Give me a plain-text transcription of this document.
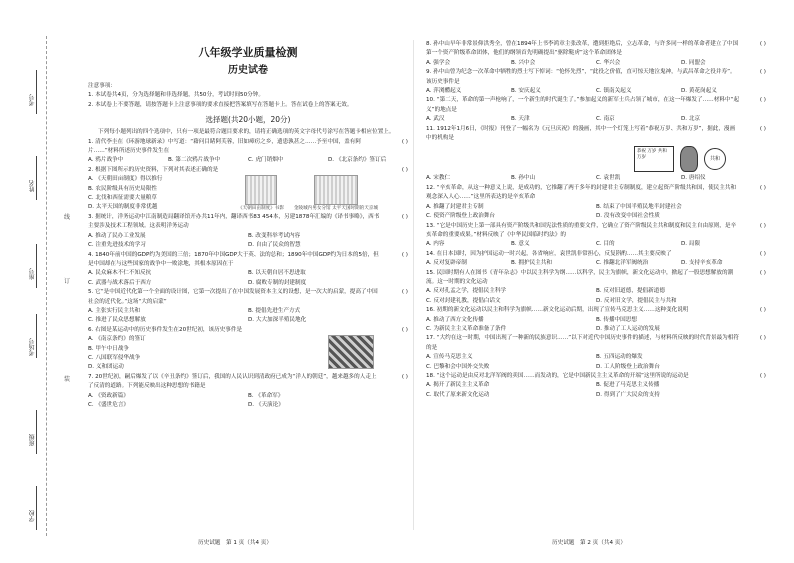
考号
姓名
座号
考场号
班级
学校
线
订
装
八年级学业质量检测
历史试卷
注意事项：
1. 本试卷共4页，分为选择题和非选择题，共50分，考试时间50分钟。
2. 本试卷上不要答题，请按答题卡上注意事项的要求直接把答案填写在答题卡上。答在试卷上的答案无效。
选择题(共20小题，20分)
下列每小题列出的四个选项中，只有一项是最符合题目要求的，请将正确选项的英文字母代号涂写在答题卡相应位置上。
1. 清代李圭在《环游地球新录》中写道：“藉问目睹阿芙蓉，旧如瘴疠之乡，遗患孰甚之……予至中国，盖有阿片……”材料所述历史事件发生在
( )
A. 鸦片战争中	B. 第二次鸦片战争中	C. 虎门销烟中	D. 《北京条约》签订后
2. 根据下图所示的历史资料，下列对其表述正确的是	( )
A. 《天朝田亩制度》得以推行
B. 农民阶级具有历史局限性
C. 北伐和西征需要大量粮草
D. 太平天国的制度非常优越	《天朝田亩制度》书影	金陵城内男女分馆 太平天国时期的天京城
3. 据统计，洋务运动中江南制造局翻译馆开办共11年内，翻译西书83 454本，另建1878年汇编的《译书事略》，西书主要涉及技术工程领域。这表明洋务运动
( )
A. 推动了民办工业发展	B. 改变科举考试内容
C. 注重先进技术的学习	D. 自由了民众的智慧
4. 1840年前中国的GDP约为美国的三倍；1870年中国GDP大于英、法的总和；1890年中国GDP约为日本的5倍，但是中国却在与这些国家的战争中一败涂地，其根本原因在于
( )
A. 民众麻木不仁不知反抗	B. 以天朝自居不思进取
C. 武器与战术落后于西方	D. 腐败专制的封建制度
5. 它“是中国近代化第一个全面的设计图，它第一次提出了在中国发展资本主义的设想，是一次大的启蒙，提高了中国社会的近代化。”这场“大的启蒙”
( )
A. 主张实行民主共和	B. 提倡先进生产方式
C. 推进了民众思想解放	D. 大大加深半殖民地化
6. 右图是某运动中的历史事件发生在20世纪初，该历史事件是	( )
A. 《南京条约》的签订
B. 甲午中日战争
C. 八国联军侵华战争
D. 义和团运动
7. 20世纪初，嗣后爆发了以《辛丑条约》签订后，我国的人民认识到清政府已成为“洋人的朝廷”，越来越多的人走上了反清的道路。下列能反映出这种思想的书籍是
( )
A. 《资政新篇》	B. 《革命军》
C. 《盛世危言》	D. 《天演论》
8. 孙中山早年非常景仰洪秀全，曾在1894年上书李鸿章主张改革，遭到拒绝后，立志革命，与许多同一样的革命者建立了中国第一个资产阶级革命团体，他们的纲领首先明确提出“驱除鞑虏”这个革命团体是
( )
A. 强学会	B. 兴中会	C. 华兴会	D. 同盟会
9. 孙中山曾为纪念一次革命中牺牲的烈士写下悼词：“怆怀先烈”，“此役之价值，直可惊天地泣鬼神，与武昌革命之役并寿”。该历史事件是
( )
A. 萍浏醴起义	B. 安庆起义	C. 镇南关起义	D. 黄花岗起义
10. “第二天，革命的第一声枪响了，一个新生的时代诞生了。”参加起义的新军士兵占领了城市，在这一年爆发了……材料中“起义”的地点是
( )
A. 武汉	B. 天津	C. 南京	D. 北京
11. 1912年1月6日，《时报》刊登了一幅名为《元旦庆祝》的漫画，其中一个灯笼上写着“恭祝万岁、共和万岁”，据此，漫画中的机构是
( )
恭祝 万岁 共和 万岁	共和
A. 宋教仁	B. 孙中山	C. 袁世凯	D. 唐绍仪
12. “辛亥革命，从这一种意义上说，是成功的，它推翻了两千多年的封建君主专制制度，建立起资产阶级共和国，使民主共和观念深入人心……”这里所表达的是辛亥革命
( )
A. 推翻了封建君主专制	B. 结束了中国半殖民地半封建社会
C. 使资产阶级登上政治舞台	D. 没有改变中国社会性质
13. “它是中国历史上第一部具有资产阶级共和国宪法性质的重要文件，它确立了资产阶级民主共和制度和民主自由原则，是辛亥革命的重要成果。”材料反映了《中华民国临时约法》的
( )
A. 内容	B. 意义	C. 目的	D. 局限
14. 在日本国时，因为护国运动一时兴起，各省响应，袁世凯非常担心，反复斟酌……其主要反映了	( )
A. 反对复辟帝制	B. 拥护民主共和	C. 推翻北洋军阀统治	D. 支持辛亥革命
15. 民国时期有人在图书《青年杂志》中以民主科学为纲……以科学，民主为旗帜，新文化运动中，掀起了一股思想解放的潮流。这一时期的文化运动
( )
A. 反对孔孟之学，提倡民主科学	B. 反对旧道德，提倡新道德
C. 反对封建礼教，提倡白话文	D. 反对旧文学，提倡民主与共和
16. 初期的新文化运动以民主和科学为旗帜……新文化运动后期，出现了宣传马克思主义……这种变化说明	( )
A. 推动了西方文化传播	B. 传播中国思想
C. 为新民主主义革命准备了条件	D. 推动了工人运动的发展
17. “大约在这一时期，中国出现了一种新的民族意识……”以下对近代中国历史事件的描述，与材料所反映的时代背景最为相符的是
( )
A. 宣传马克思主义	B. 五四运动的爆发
C. 巴黎和会中国外交失败	D. 工人阶级登上政治舞台
18. “这个运动是由反对北洋军阀的卖国……而发动的，它是中国新民主主义革命的开端”这里所说的运动是	( )
A. 揭开了新民主主义革命	B. 促进了马克思主义传播
C. 取代了原来新文化运动	D. 得到了广大民众的支持
历史试题　第 1 页（共4 页）	历史试题　第 2 页（共4 页）
